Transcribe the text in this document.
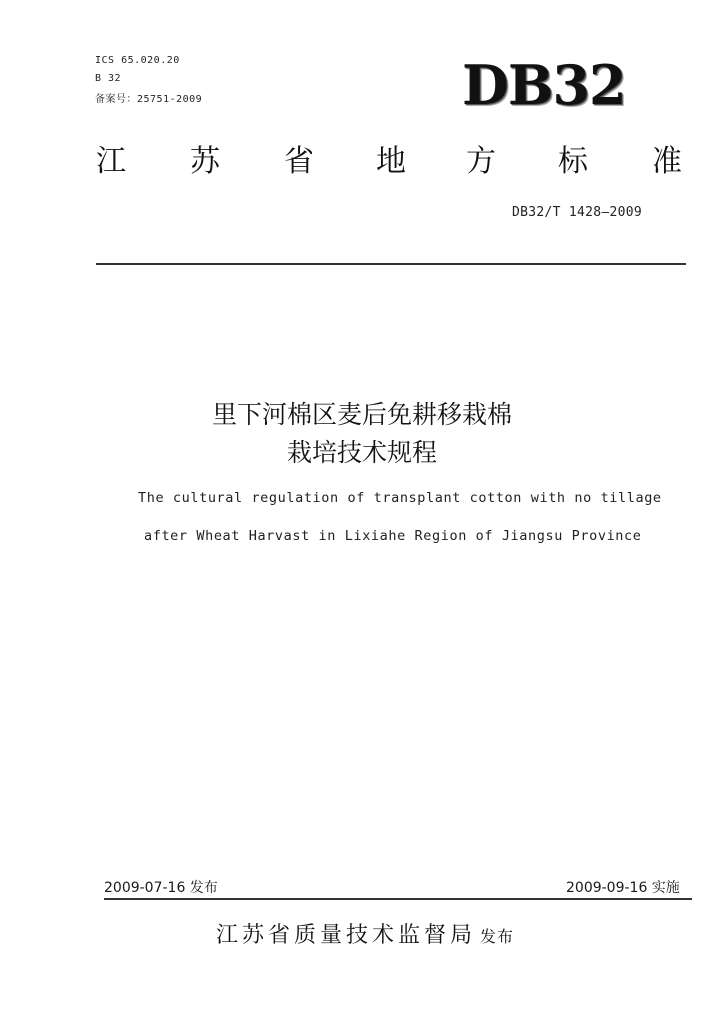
ICS 65.020.20
B 32
备案号：25751-2009	DB32
江 苏 省 地 方 标 准
DB32/T 1428—2009
里下河棉区麦后免耕移栽棉
栽培技术规程
The cultural regulation of transplant cotton with no tillage
after Wheat Harvast in Lixiahe Region of Jiangsu Province
2009-07-16 发布	2009-09-16 实施
江苏省质量技术监督局 发布
